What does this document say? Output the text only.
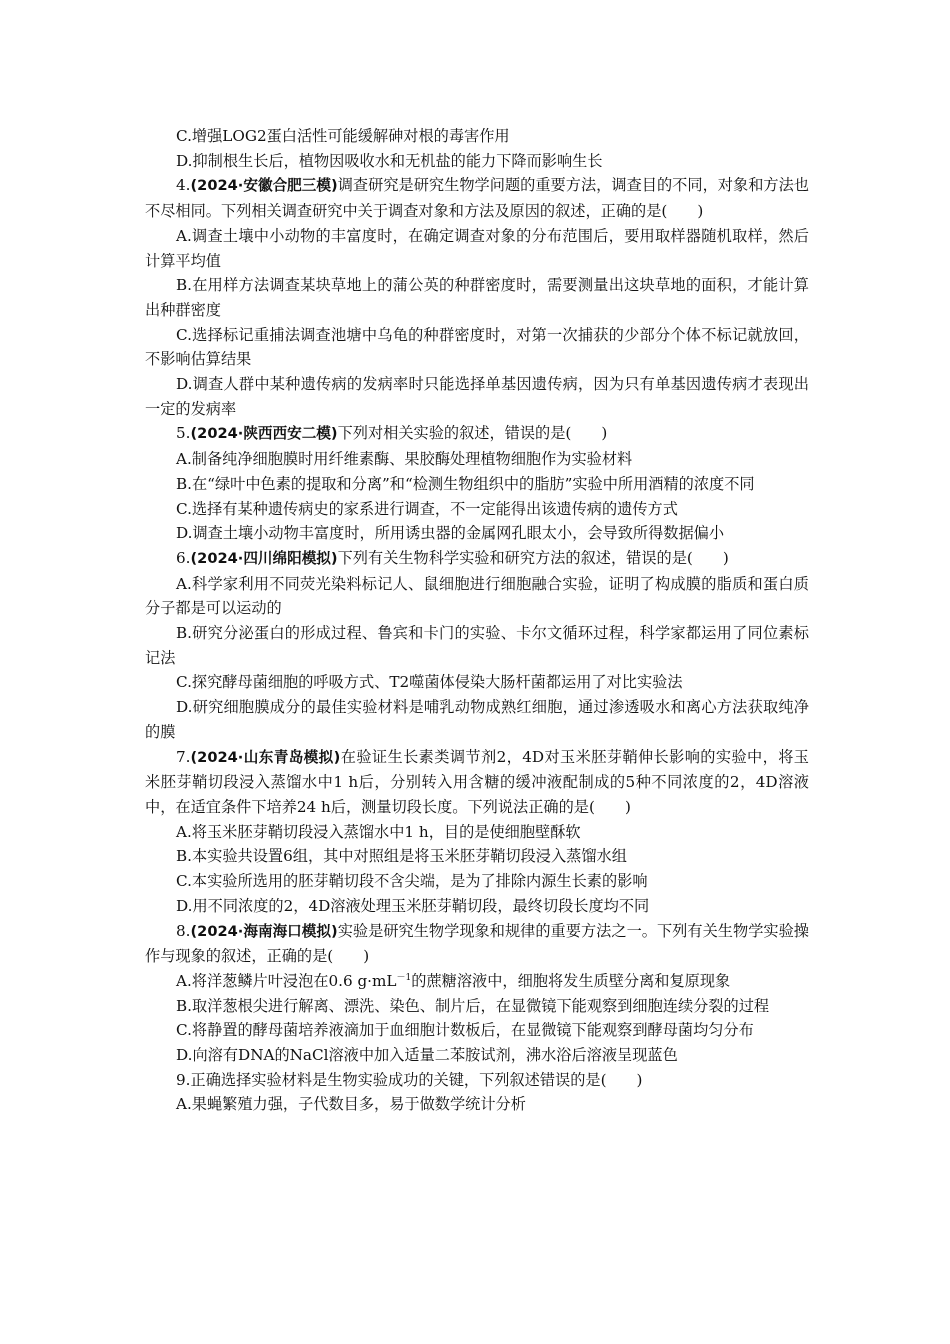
C.增强LOG2蛋白活性可能缓解砷对根的毒害作用

D.抑制根生长后，植物因吸收水和无机盐的能力下降而影响生长

4.(2024·安徽合肥三模)调查研究是研究生物学问题的重要方法，调查目的不同，对象和方法也不尽相同。下列相关调查研究中关于调查对象和方法及原因的叙述，正确的是( )

A.调查土壤中小动物的丰富度时，在确定调查对象的分布范围后，要用取样器随机取样，然后计算平均值

B.在用样方法调查某块草地上的蒲公英的种群密度时，需要测量出这块草地的面积，才能计算出种群密度

C.选择标记重捕法调查池塘中乌龟的种群密度时，对第一次捕获的少部分个体不标记就放回，不影响估算结果

D.调查人群中某种遗传病的发病率时只能选择单基因遗传病，因为只有单基因遗传病才表现出一定的发病率

5.(2024·陕西西安二模)下列对相关实验的叙述，错误的是( )

A.制备纯净细胞膜时用纤维素酶、果胶酶处理植物细胞作为实验材料

B.在“绿叶中色素的提取和分离”和“检测生物组织中的脂肪”实验中所用酒精的浓度不同

C.选择有某种遗传病史的家系进行调查，不一定能得出该遗传病的遗传方式

D.调查土壤小动物丰富度时，所用诱虫器的金属网孔眼太小，会导致所得数据偏小

6.(2024·四川绵阳模拟)下列有关生物科学实验和研究方法的叙述，错误的是( )

A.科学家利用不同荧光染料标记人、鼠细胞进行细胞融合实验，证明了构成膜的脂质和蛋白质分子都是可以运动的

B.研究分泌蛋白的形成过程、鲁宾和卡门的实验、卡尔文循环过程，科学家都运用了同位素标记法

C.探究酵母菌细胞的呼吸方式、T2噬菌体侵染大肠杆菌都运用了对比实验法

D.研究细胞膜成分的最佳实验材料是哺乳动物成熟红细胞，通过渗透吸水和离心方法获取纯净的膜

7.(2024·山东青岛模拟)在验证生长素类调节剂2，4D对玉米胚芽鞘伸长影响的实验中，将玉米胚芽鞘切段浸入蒸馏水中1 h后，分别转入用含糖的缓冲液配制成的5种不同浓度的2，4D溶液中，在适宜条件下培养24 h后，测量切段长度。下列说法正确的是( )

A.将玉米胚芽鞘切段浸入蒸馏水中1 h，目的是使细胞壁酥软

B.本实验共设置6组，其中对照组是将玉米胚芽鞘切段浸入蒸馏水组

C.本实验所选用的胚芽鞘切段不含尖端，是为了排除内源生长素的影响

D.用不同浓度的2，4D溶液处理玉米胚芽鞘切段，最终切段长度均不同

8.(2024·海南海口模拟)实验是研究生物学现象和规律的重要方法之一。下列有关生物学实验操作与现象的叙述，正确的是( )

A.将洋葱鳞片叶浸泡在0.6 $g\cdot mL^{-1}$的蔗糖溶液中，细胞将发生质壁分离和复原现象

B.取洋葱根尖进行解离、漂洗、染色、制片后，在显微镜下能观察到细胞连续分裂的过程

C.将静置的酵母菌培养液滴加于血细胞计数板后，在显微镜下能观察到酵母菌均匀分布

D.向溶有DNA的NaCl溶液中加入适量二苯胺试剂，沸水浴后溶液呈现蓝色

9.正确选择实验材料是生物实验成功的关键，下列叙述错误的是( )

A.果蝇繁殖力强，子代数目多，易于做数学统计分析
